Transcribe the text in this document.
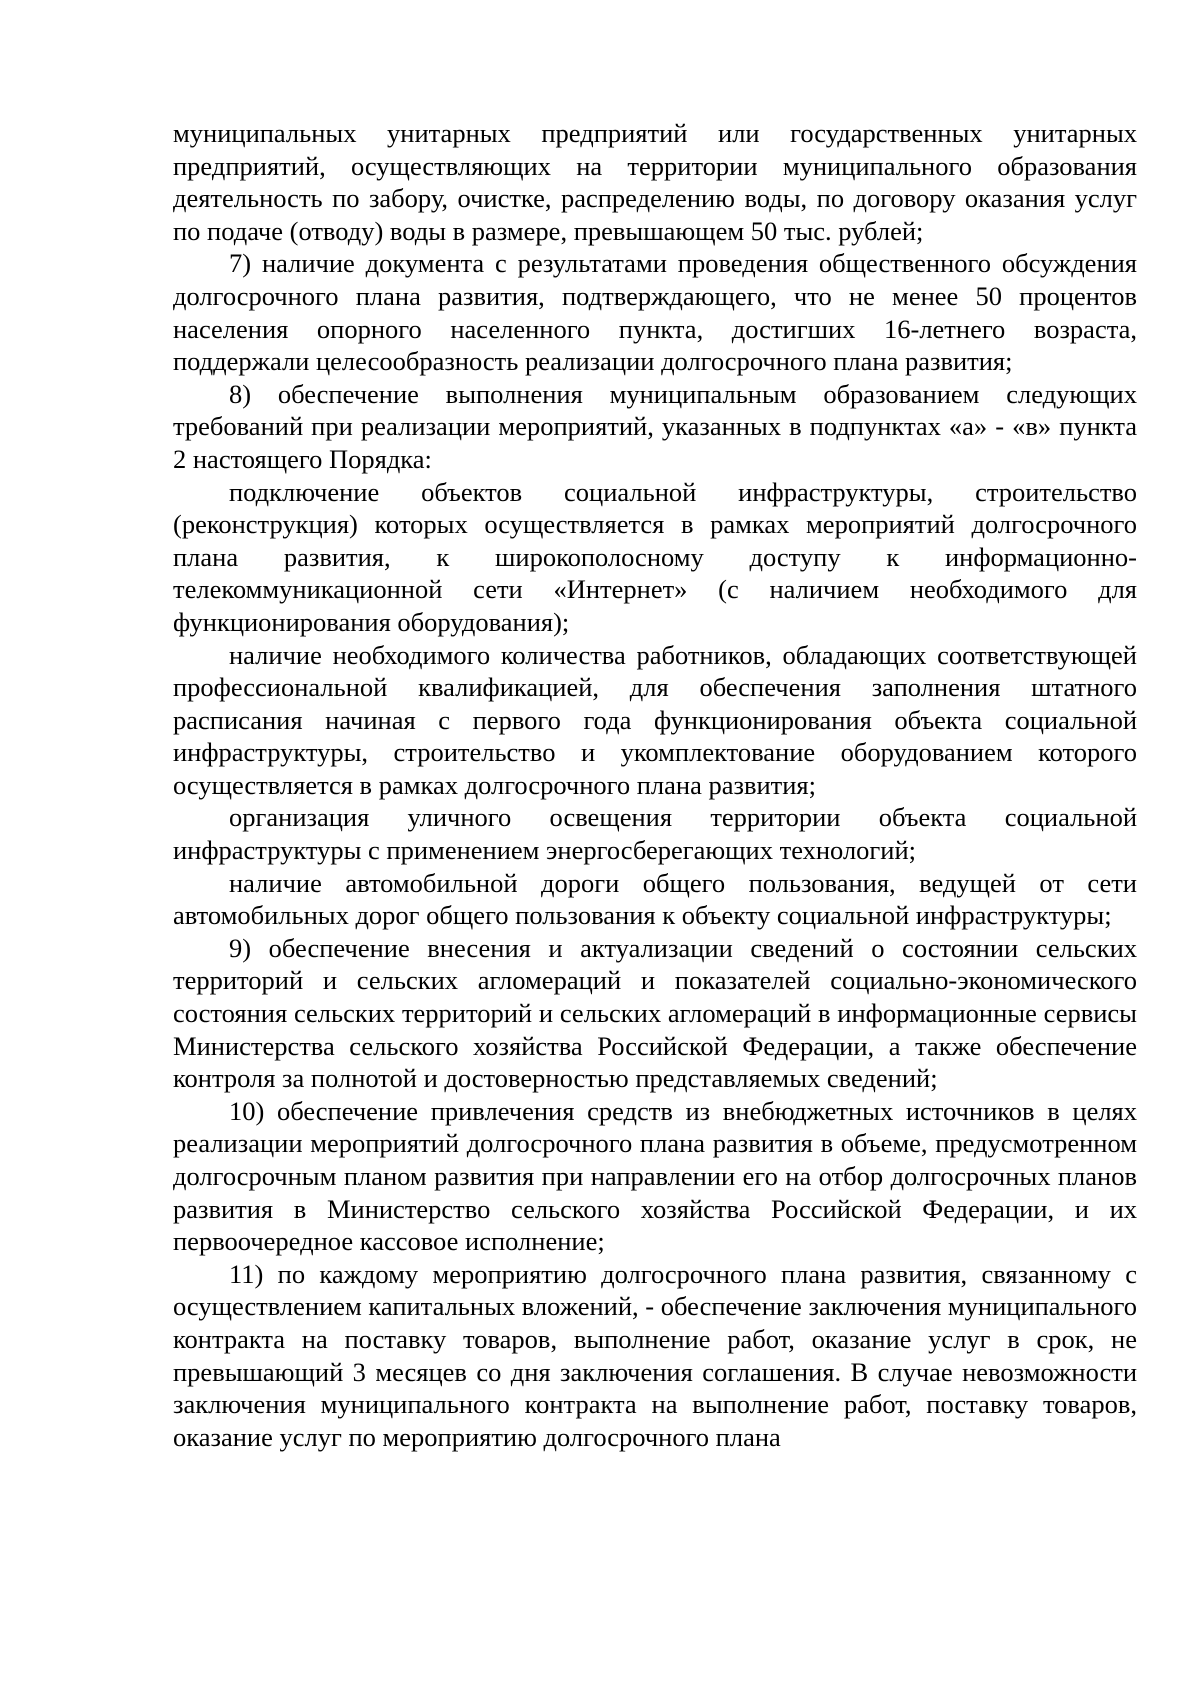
муниципальных унитарных предприятий или государственных унитарных предприятий, осуществляющих на территории муниципального образования деятельность по забору, очистке, распределению воды, по договору оказания услуг по подаче (отводу) воды в размере, превышающем 50 тыс. рублей;

7) наличие документа с результатами проведения общественного обсуждения долгосрочного плана развития, подтверждающего, что не менее 50 процентов населения опорного населенного пункта, достигших 16-летнего возраста, поддержали целесообразность реализации долгосрочного плана развития;

8) обеспечение выполнения муниципальным образованием следующих требований при реализации мероприятий, указанных в подпунктах «а» - «в» пункта 2 настоящего Порядка:

подключение объектов социальной инфраструктуры, строительство (реконструкция) которых осуществляется в рамках мероприятий долгосрочного плана развития, к широкополосному доступу к информационно-телекоммуникационной сети «Интернет» (с наличием необходимого для функционирования оборудования);

наличие необходимого количества работников, обладающих соответствующей профессиональной квалификацией, для обеспечения заполнения штатного расписания начиная с первого года функционирования объекта социальной инфраструктуры, строительство и укомплектование оборудованием которого осуществляется в рамках долгосрочного плана развития;

организация уличного освещения территории объекта социальной инфраструктуры с применением энергосберегающих технологий;

наличие автомобильной дороги общего пользования, ведущей от сети автомобильных дорог общего пользования к объекту социальной инфраструктуры;

9) обеспечение внесения и актуализации сведений о состоянии сельских территорий и сельских агломераций и показателей социально-экономического состояния сельских территорий и сельских агломераций в информационные сервисы Министерства сельского хозяйства Российской Федерации, а также обеспечение контроля за полнотой и достоверностью представляемых сведений;

10) обеспечение привлечения средств из внебюджетных источников в целях реализации мероприятий долгосрочного плана развития в объеме, предусмотренном долгосрочным планом развития при направлении его на отбор долгосрочных планов развития в Министерство сельского хозяйства Российской Федерации, и их первоочередное кассовое исполнение;

11) по каждому мероприятию долгосрочного плана развития, связанному с осуществлением капитальных вложений, - обеспечение заключения муниципального контракта на поставку товаров, выполнение работ, оказание услуг в срок, не превышающий 3 месяцев со дня заключения соглашения. В случае невозможности заключения муниципального контракта на выполнение работ, поставку товаров, оказание услуг по мероприятию долгосрочного плана
